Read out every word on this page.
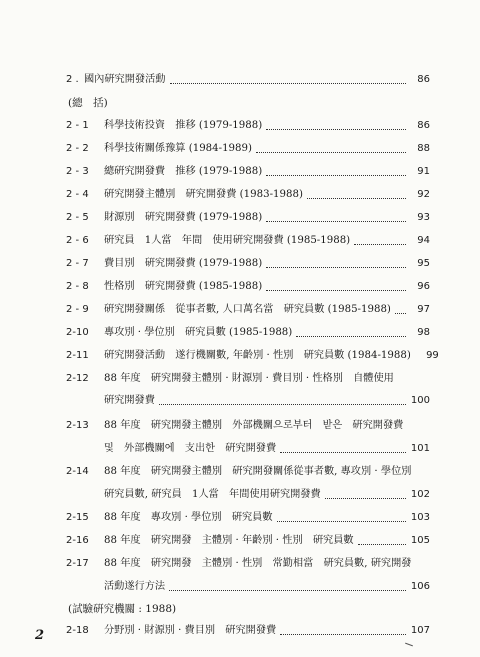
2 . 國內硏究開發活動	86
(總　括)
2 - 1 科學技術投資　推移 (1979-1988)	86
2 - 2 科學技術關係豫算 (1984-1989)	88
2 - 3 總硏究開發費　推移 (1979-1988)	91
2 - 4 硏究開發主體別　硏究開發費 (1983-1988)	92
2 - 5 財源別　硏究開發費 (1979-1988)	93
2 - 6 硏究員　1人當　年間　使用硏究開發費 (1985-1988)	94
2 - 7 費目別　硏究開發費 (1979-1988)	95
2 - 8 性格別　硏究開發費 (1985-1988)	96
2 - 9 硏究開發關係　從事者數, 人口萬名當　硏究員數 (1985-1988)	97
2-10 專攻別 · 學位別　硏究員數 (1985-1988)	98
2-11 硏究開發活動　遂行機關數, 年齡別 · 性別　硏究員數 (1984-1988)	99
2-12 88 年度　硏究開發主體別 · 財源別 · 費目別 · 性格別　自體使用
硏究開發費	100
2-13 88 年度　硏究開發主體別　外部機關으로부터　받은　硏究開發費
및　外部機關에　支出한　硏究開發費	101
2-14 88 年度　硏究開發主體別　硏究開發關係從事者數, 專攻別 · 學位別
硏究員數, 硏究員　1人當　年間使用硏究開發費	102
2-15 88 年度　專攻別 · 學位別　硏究員數	103
2-16 88 年度　硏究開發　主體別 · 年齡別 · 性別　硏究員數	105
2-17 88 年度　硏究開發　主體別 · 性別　常勤相當　硏究員數, 硏究開發
活動遂行方法	106
(試驗硏究機關 : 1988)
2-18 分野別 · 財源別 · 費目別　硏究開發費	107
2
